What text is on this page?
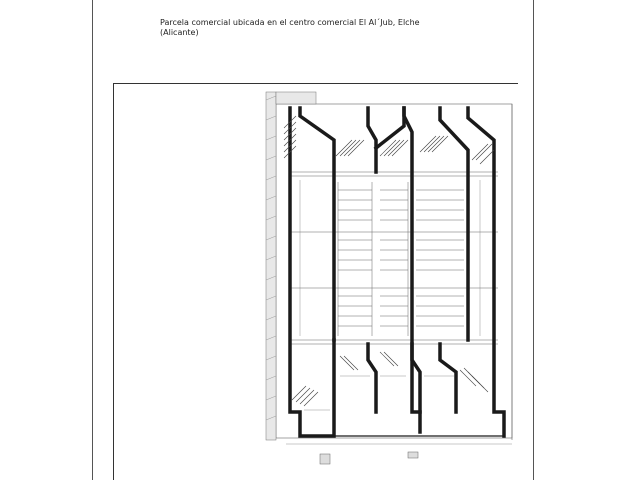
Parcela comercial ubicada en el centro comercial El Al´Jub, Elche
(Alicante)
